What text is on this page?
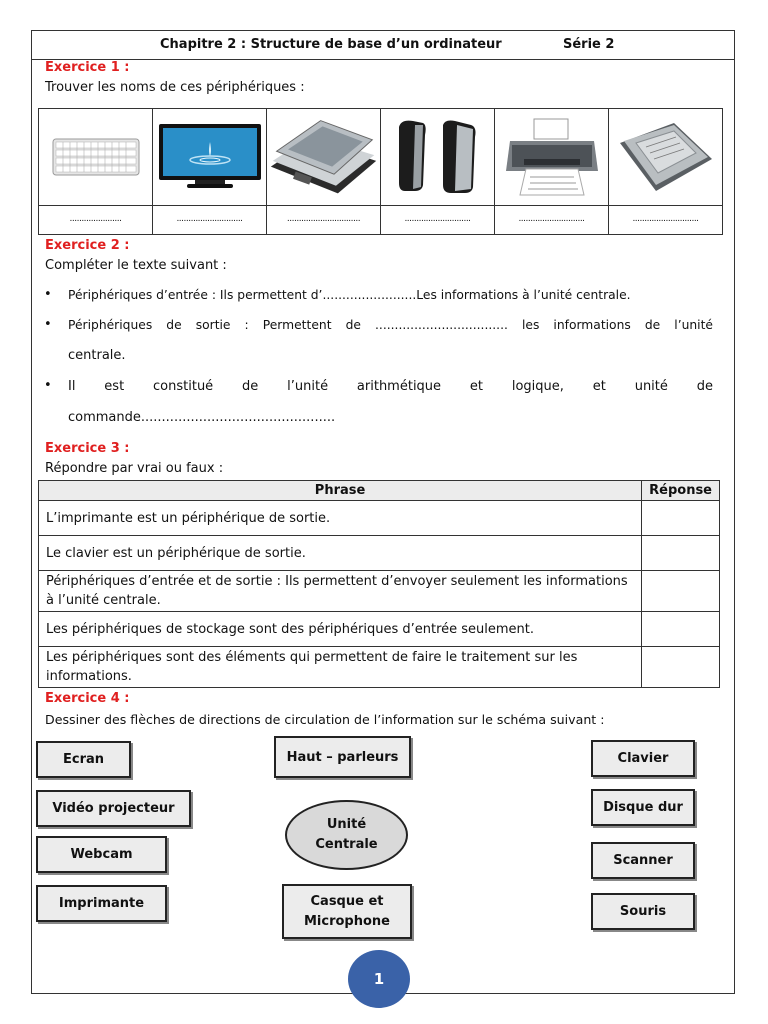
Chapitre 2 : Structure de base d’un ordinateur	Série 2
Exercice 1 :
Trouver les noms de ces périphériques :
......................	............................	...............................	............................	............................	............................
Exercice 2 :
Compléter le texte suivant :
• Périphériques d’entrée : Ils permettent d’........................Les informations à l’unité centrale.
• Périphériques de sortie : Permettent de .................................. les informations de l’unité
centrale.
• Il est constitué de l’unité arithmétique et logique, et unité de
commande...............................................
Exercice 3 :
Répondre par vrai ou faux :
Phrase	Réponse
L’imprimante est un périphérique de sortie.	
Le clavier est un périphérique de sortie.	
Périphériques d’entrée et de sortie : Ils permettent d’envoyer seulement les informations à l’unité centrale.	
Les périphériques de stockage sont des périphériques d’entrée seulement.	
Les périphériques sont des éléments qui permettent de faire le traitement sur les informations.	
Exercice 4 :
Dessiner des flèches de directions de circulation de l’information sur le schéma suivant :
Ecran
Vidéo projecteur
Webcam
Imprimante
Haut – parleurs
Casque et
Microphone
Unité
Centrale
Clavier
Disque dur
Scanner
Souris
1
